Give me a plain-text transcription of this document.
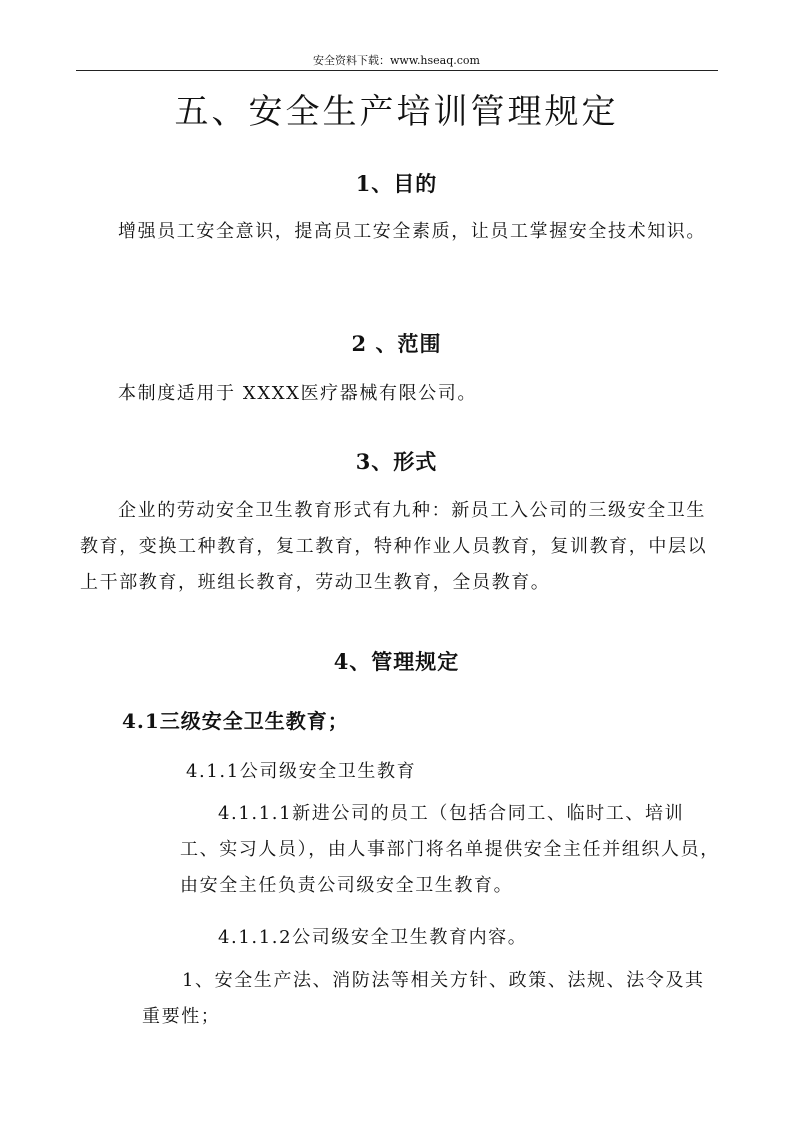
安全资料下载：www.hseaq.com
五、安全生产培训管理规定
1、目的

增强员工安全意识，提高员工安全素质，让员工掌握安全技术知识。

2 、范围

本制度适用于 XXXX医疗器械有限公司。

3、形式

企业的劳动安全卫生教育形式有九种：新员工入公司的三级安全卫生教育，变换工种教育，复工教育，特种作业人员教育，复训教育，中层以上干部教育，班组长教育，劳动卫生教育，全员教育。

4、管理规定
4.1三级安全卫生教育；

4.1.1公司级安全卫生教育

4.1.1.1新进公司的员工（包括合同工、临时工、培训工、实习人员），由人事部门将名单提供安全主任并组织人员，由安全主任负责公司级安全卫生教育。

4.1.1.2公司级安全卫生教育内容。

1、安全生产法、消防法等相关方针、政策、法规、法令及其重要性；
